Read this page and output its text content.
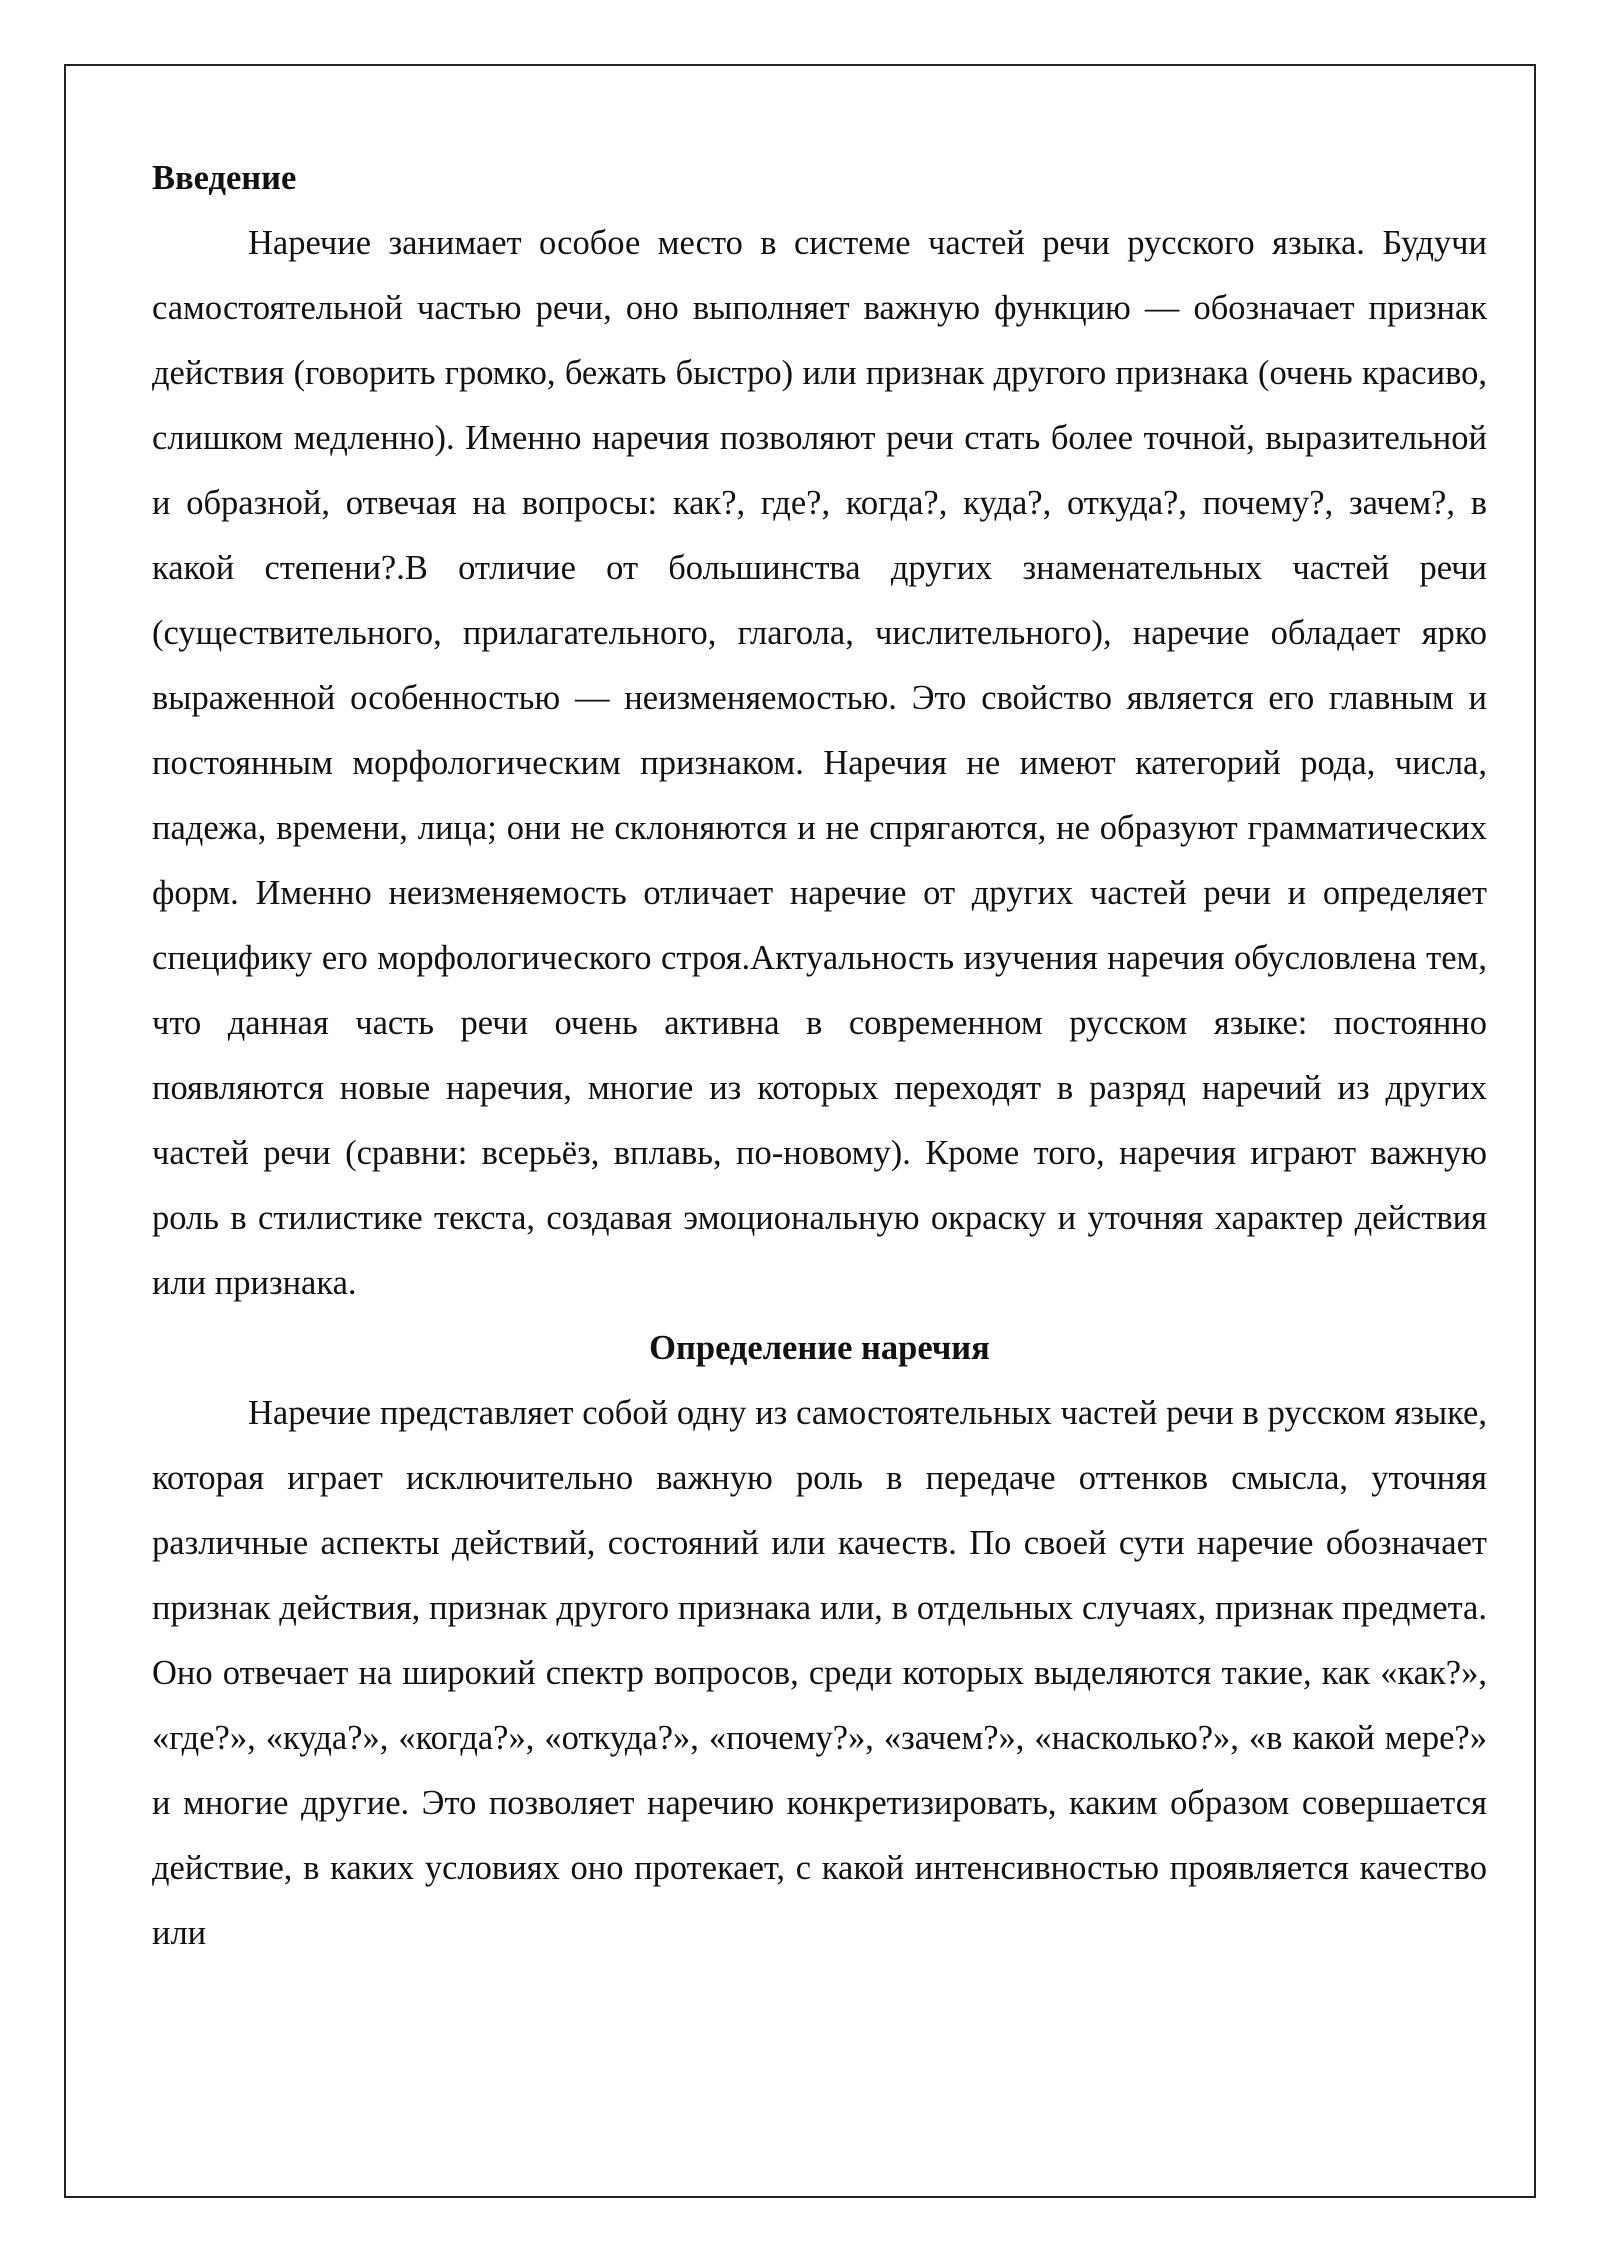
Введение

Наречие занимает особое место в системе частей речи русского языка. Будучи самостоятельной частью речи, оно выполняет важную функцию — обозначает признак действия (говорить громко, бежать быстро) или признак другого признака (очень красиво, слишком медленно). Именно наречия позволяют речи стать более точной, выразительной и образной, отвечая на вопросы: как?, где?, когда?, куда?, откуда?, почему?, зачем?, в какой степени?.В отличие от большинства других знаменательных частей речи (существительного, прилагательного, глагола, числительного), наречие обладает ярко выраженной особенностью — неизменяемостью. Это свойство является его главным и постоянным морфологическим признаком. Наречия не имеют категорий рода, числа, падежа, времени, лица; они не склоняются и не спрягаются, не образуют грамматических форм. Именно неизменяемость отличает наречие от других частей речи и определяет специфику его морфологического строя.Актуальность изучения наречия обусловлена тем, что данная часть речи очень активна в современном русском языке: постоянно появляются новые наречия, многие из которых переходят в разряд наречий из других частей речи (сравни: всерьёз, вплавь, по-новому). Кроме того, наречия играют важную роль в стилистике текста, создавая эмоциональную окраску и уточняя характер действия или признака.

Определение наречия

Наречие представляет собой одну из самостоятельных частей речи в русском языке, которая играет исключительно важную роль в передаче оттенков смысла, уточняя различные аспекты действий, состояний или качеств. По своей сути наречие обозначает признак действия, признак другого признака или, в отдельных случаях, признак предмета. Оно отвечает на широкий спектр вопросов, среди которых выделяются такие, как «как?», «где?», «куда?», «когда?», «откуда?», «почему?», «зачем?», «насколько?», «в какой мере?» и многие другие. Это позволяет наречию конкретизировать, каким образом совершается действие, в каких условиях оно протекает, с какой интенсивностью проявляется качество или
